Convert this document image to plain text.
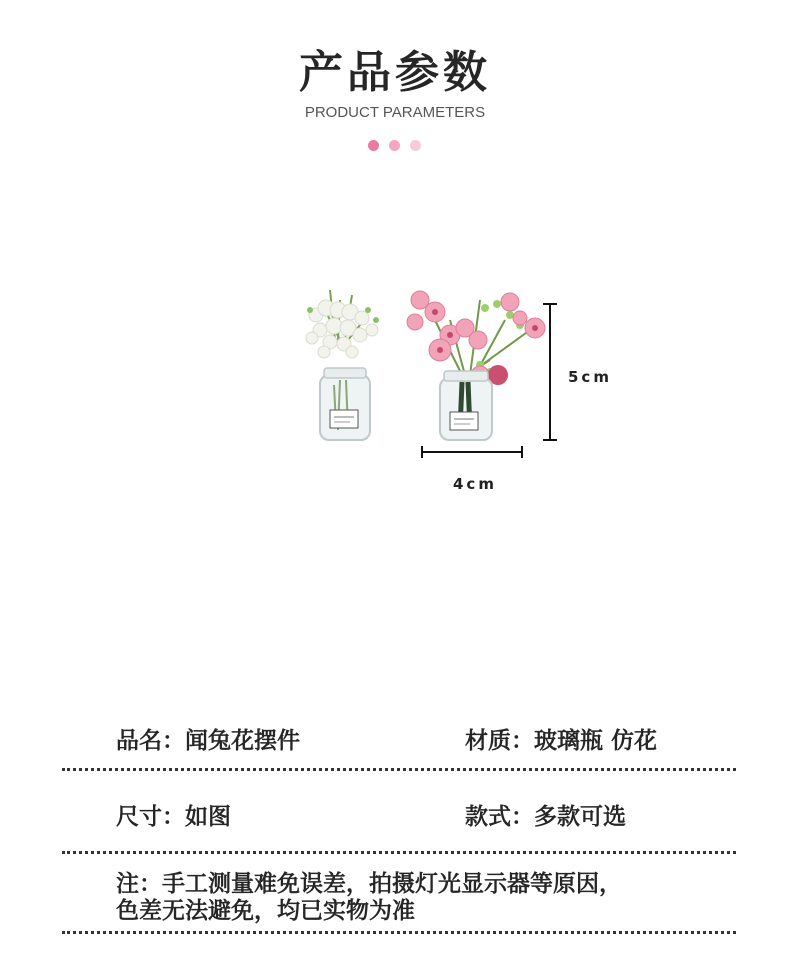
产品参数
PRODUCT PARAMETERS
5cm
4cm
品名：闻兔花摆件	材质：玻璃瓶 仿花
尺寸：如图	款式：多款可选
注：手工测量难免误差，拍摄灯光显示器等原因，
色差无法避免，均已实物为准
